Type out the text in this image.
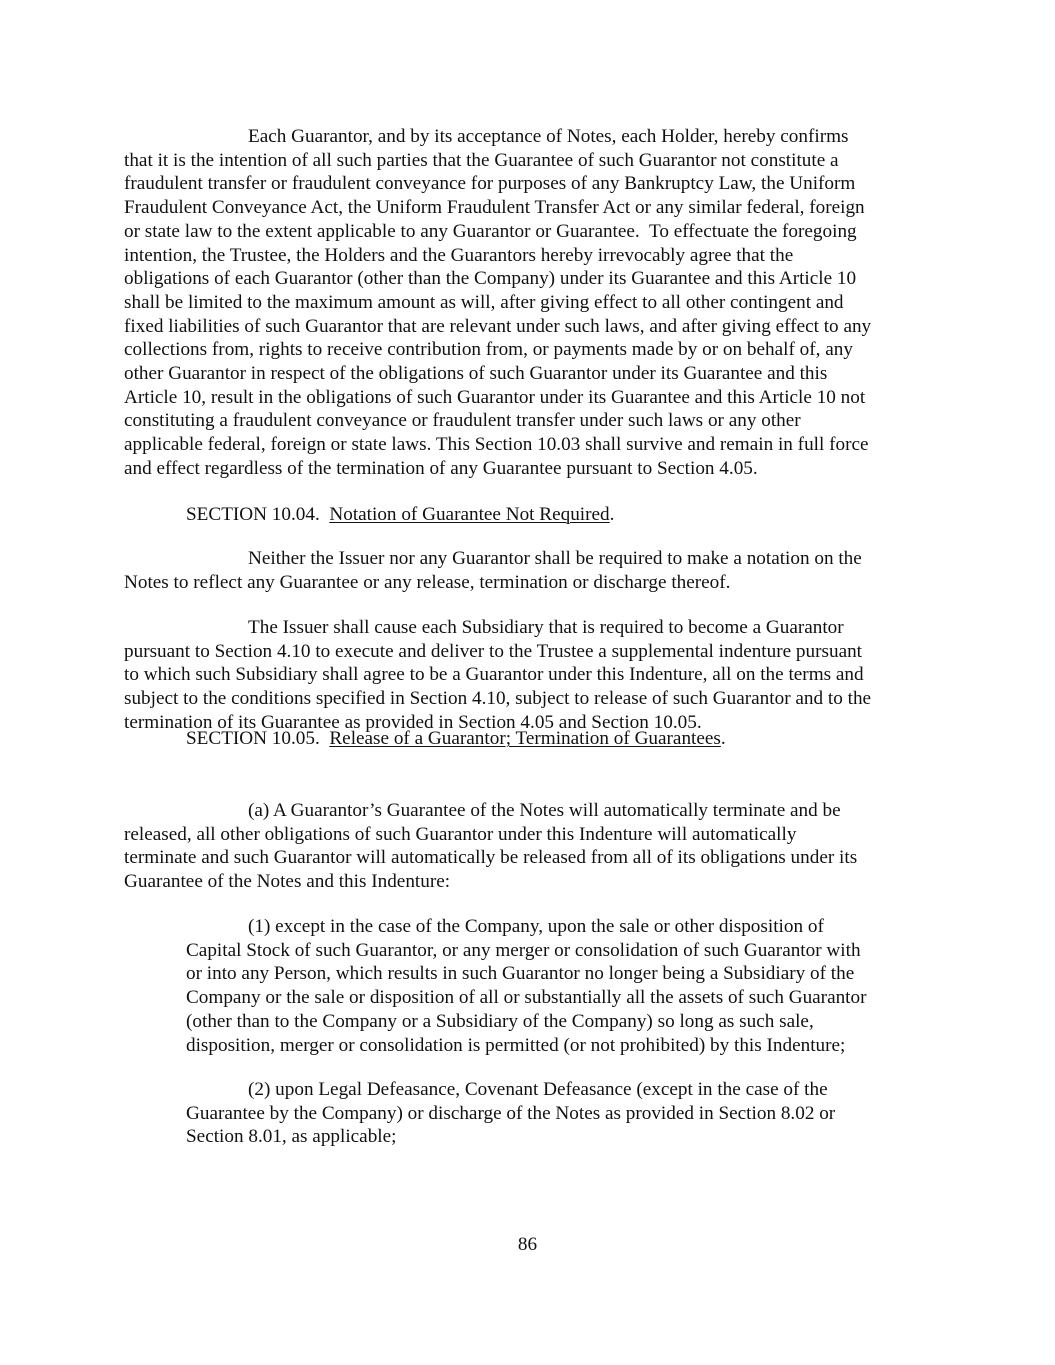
Each Guarantor, and by its acceptance of Notes, each Holder, hereby confirms
that it is the intention of all such parties that the Guarantee of such Guarantor not constitute a
fraudulent transfer or fraudulent conveyance for purposes of any Bankruptcy Law, the Uniform
Fraudulent Conveyance Act, the Uniform Fraudulent Transfer Act or any similar federal, foreign
or state law to the extent applicable to any Guarantor or Guarantee.  To effectuate the foregoing
intention, the Trustee, the Holders and the Guarantors hereby irrevocably agree that the
obligations of each Guarantor (other than the Company) under its Guarantee and this Article 10
shall be limited to the maximum amount as will, after giving effect to all other contingent and
fixed liabilities of such Guarantor that are relevant under such laws, and after giving effect to any
collections from, rights to receive contribution from, or payments made by or on behalf of, any
other Guarantor in respect of the obligations of such Guarantor under its Guarantee and this
Article 10, result in the obligations of such Guarantor under its Guarantee and this Article 10 not
constituting a fraudulent conveyance or fraudulent transfer under such laws or any other
applicable federal, foreign or state laws. This Section 10.03 shall survive and remain in full force
and effect regardless of the termination of any Guarantee pursuant to Section 4.05.
SECTION 10.04. Notation of Guarantee Not Required.
Neither the Issuer nor any Guarantor shall be required to make a notation on the
Notes to reflect any Guarantee or any release, termination or discharge thereof.
The Issuer shall cause each Subsidiary that is required to become a Guarantor
pursuant to Section 4.10 to execute and deliver to the Trustee a supplemental indenture pursuant
to which such Subsidiary shall agree to be a Guarantor under this Indenture, all on the terms and
subject to the conditions specified in Section 4.10, subject to release of such Guarantor and to the
termination of its Guarantee as provided in Section 4.05 and Section 10.05.
SECTION 10.05. Release of a Guarantor; Termination of Guarantees.
(a) A Guarantor’s Guarantee of the Notes will automatically terminate and be
released, all other obligations of such Guarantor under this Indenture will automatically
terminate and such Guarantor will automatically be released from all of its obligations under its
Guarantee of the Notes and this Indenture:
(1) except in the case of the Company, upon the sale or other disposition of
Capital Stock of such Guarantor, or any merger or consolidation of such Guarantor with
or into any Person, which results in such Guarantor no longer being a Subsidiary of the
Company or the sale or disposition of all or substantially all the assets of such Guarantor
(other than to the Company or a Subsidiary of the Company) so long as such sale,
disposition, merger or consolidation is permitted (or not prohibited) by this Indenture;
(2) upon Legal Defeasance, Covenant Defeasance (except in the case of the
Guarantee by the Company) or discharge of the Notes as provided in Section 8.02 or
Section 8.01, as applicable;
86
